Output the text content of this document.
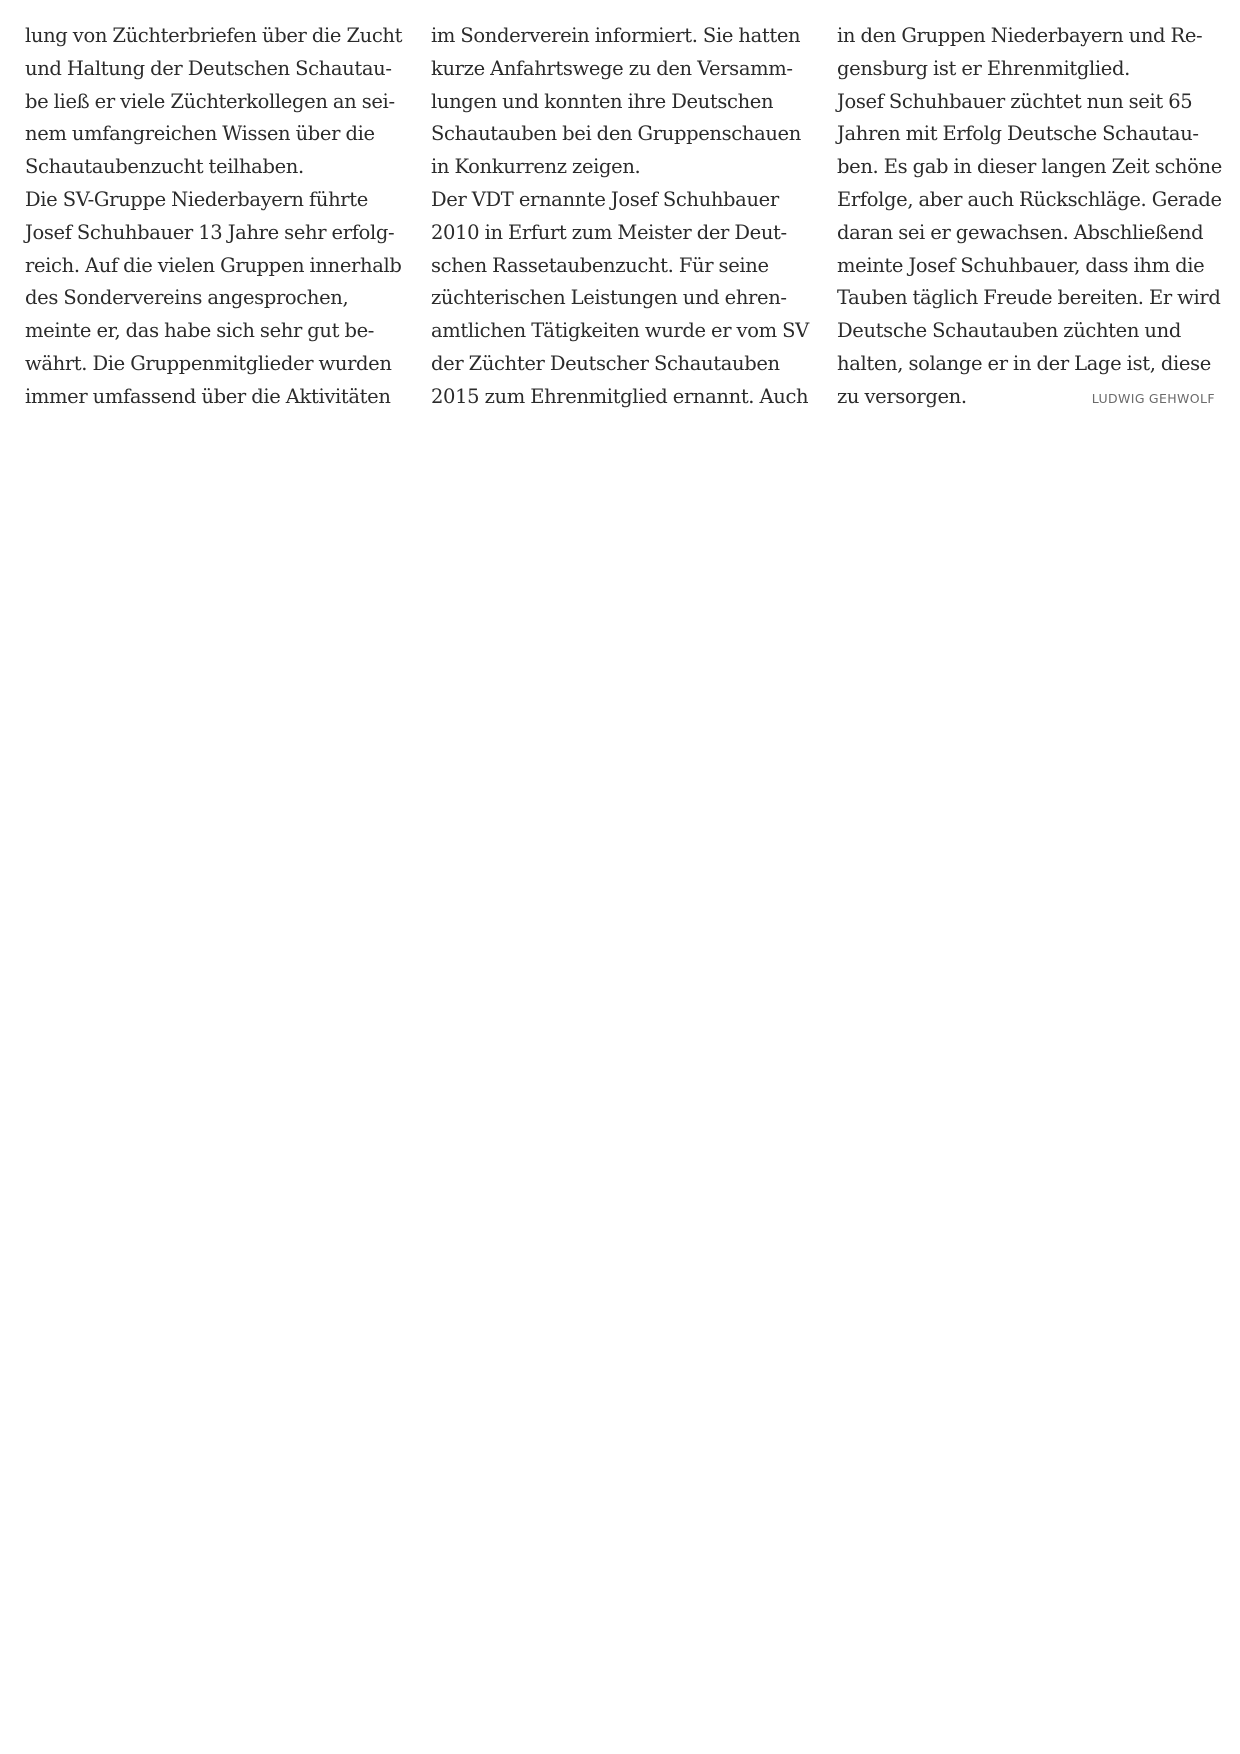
lung von Züchterbriefen über die Zucht
und Haltung der Deutschen Schautau-
be ließ er viele Züchterkollegen an sei-
nem umfangreichen Wissen über die
Schautaubenzucht teilhaben.
Die SV-Gruppe Niederbayern führte
Josef Schuhbauer 13 Jahre sehr erfolg-
reich. Auf die vielen Gruppen innerhalb
des Sondervereins angesprochen,
meinte er, das habe sich sehr gut be-
währt. Die Gruppenmitglieder wurden
immer umfassend über die Aktivitäten
im Sonderverein informiert. Sie hatten
kurze Anfahrtswege zu den Versamm-
lungen und konnten ihre Deutschen
Schautauben bei den Gruppenschauen
in Konkurrenz zeigen.
Der VDT ernannte Josef Schuhbauer
2010 in Erfurt zum Meister der Deut-
schen Rassetaubenzucht. Für seine
züchterischen Leistungen und ehren-
amtlichen Tätigkeiten wurde er vom SV
der Züchter Deutscher Schautauben
2015 zum Ehrenmitglied ernannt. Auch
in den Gruppen Niederbayern und Re-
gensburg ist er Ehrenmitglied.
Josef Schuhbauer züchtet nun seit 65
Jahren mit Erfolg Deutsche Schautau-
ben. Es gab in dieser langen Zeit schöne
Erfolge, aber auch Rückschläge. Gerade
daran sei er gewachsen. Abschließend
meinte Josef Schuhbauer, dass ihm die
Tauben täglich Freude bereiten. Er wird
Deutsche Schautauben züchten und
halten, solange er in der Lage ist, diese
zu versorgen.	LUDWIG GEHWOLF
